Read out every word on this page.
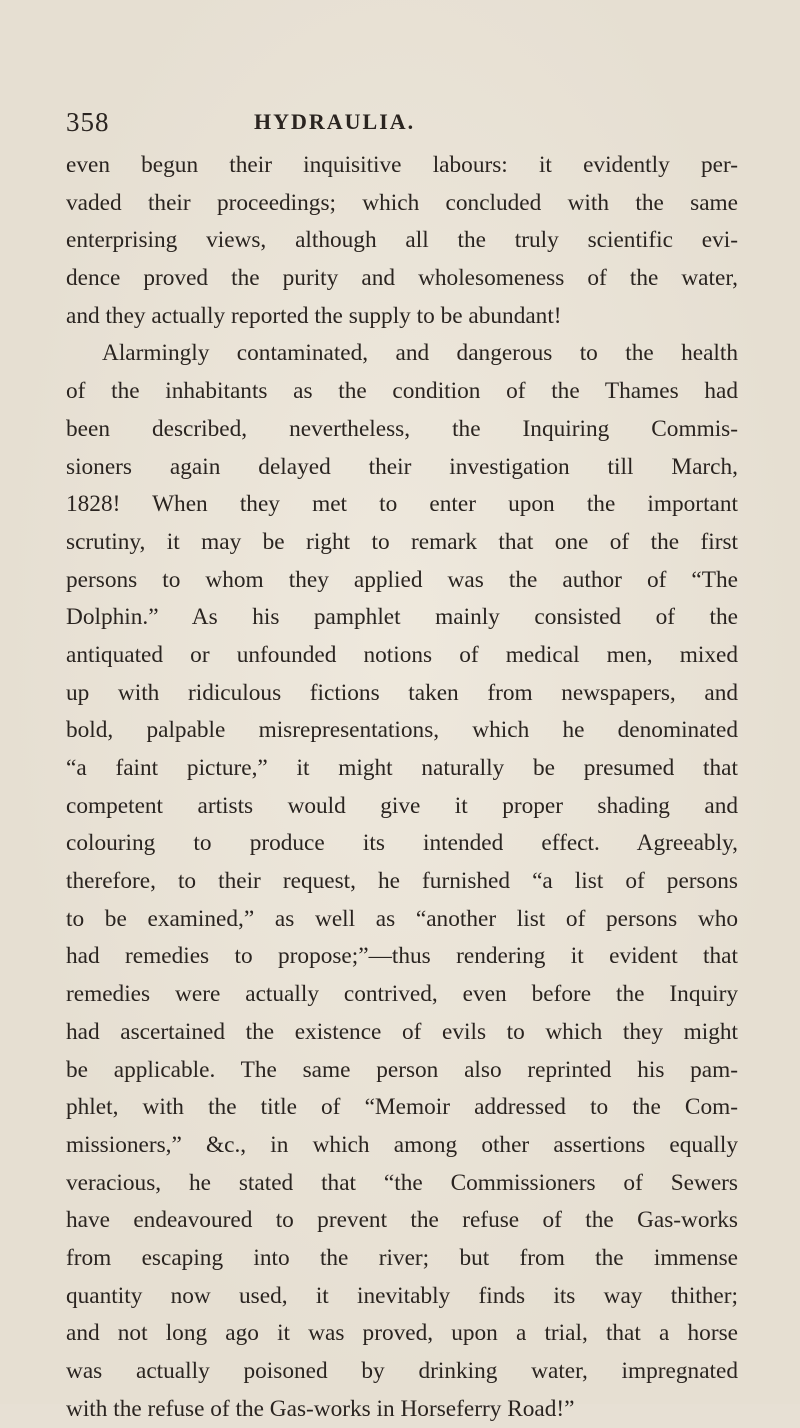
358	HYDRAULIA.
even begun their inquisitive labours: it evidently per-
vaded their proceedings; which concluded with the same
enterprising views, although all the truly scientific evi-
dence proved the purity and wholesomeness of the water,
and they actually reported the supply to be abundant!
Alarmingly contaminated, and dangerous to the health
of the inhabitants as the condition of the Thames had
been described, nevertheless, the Inquiring Commis-
sioners again delayed their investigation till March,
1828! When they met to enter upon the important
scrutiny, it may be right to remark that one of the first
persons to whom they applied was the author of “The
Dolphin.” As his pamphlet mainly consisted of the
antiquated or unfounded notions of medical men, mixed
up with ridiculous fictions taken from newspapers, and
bold, palpable misrepresentations, which he denominated
“a faint picture,” it might naturally be presumed that
competent artists would give it proper shading and
colouring to produce its intended effect. Agreeably,
therefore, to their request, he furnished “a list of persons
to be examined,” as well as “another list of persons who
had remedies to propose;”—thus rendering it evident that
remedies were actually contrived, even before the Inquiry
had ascertained the existence of evils to which they might
be applicable. The same person also reprinted his pam-
phlet, with the title of “Memoir addressed to the Com-
missioners,” &c., in which among other assertions equally
veracious, he stated that “the Commissioners of Sewers
have endeavoured to prevent the refuse of the Gas-works
from escaping into the river; but from the immense
quantity now used, it inevitably finds its way thither;
and not long ago it was proved, upon a trial, that a horse
was actually poisoned by drinking water, impregnated
with the refuse of the Gas-works in Horseferry Road!”
